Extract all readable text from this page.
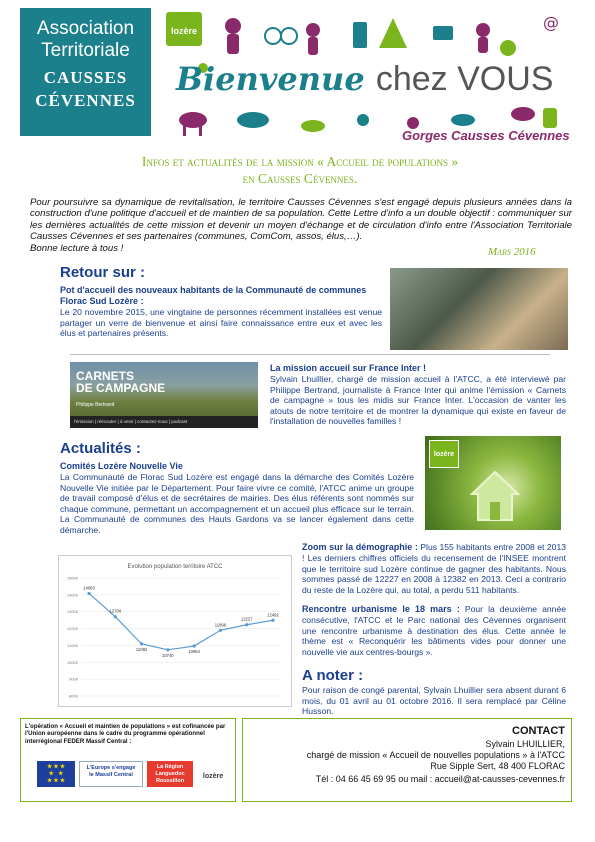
Association
Territoriale
CAUSSES
CÉVENNES
@
lozère
Bienvenue chez VOUS
Gorges Causses Cévennes
Infos et actualités de la mission « Accueil de populations »
en Causses Cévennes.
Pour poursuivre sa dynamique de revitalisation, le territoire Causses Cévennes s'est engagé depuis plusieurs années dans la construction d'une politique d'accueil et de maintien de sa population. Cette Lettre d'info a un double objectif : communiquer sur les dernières actualités de cette mission et devenir un moyen d'échange et de circulation d'info entre l'Association Territoriale Causses Cévennes et ses partenaires (communes, ComCom, assos, élus,…).
Bonne lecture à tous !	Mars 2016
Retour sur :
Pot d'accueil des nouveaux habitants de la Communauté de communes Florac Sud Lozère :
Le 20 novembre 2015, une vingtaine de personnes récemment installées est venue partager un verre de bienvenue et ainsi faire connaissance entre eux et avec les élus et partenaires présents.
CARNETS
DE CAMPAGNE
Philippe Bertrand
l'émission | réécouter | à venir | contactez-nous | podcast
La mission accueil sur France Inter !
Sylvain Lhuillier, chargé de mission accueil à l'ATCC, a été interviewé par Philippe Bertrand, journaliste à France Inter qui anime l'émission « Carnets de campagne » tous les midis sur France Inter. L'occasion de vanter les atouts de notre territoire et de montrer la dynamique qui existe en faveur de l'installation de nouvelles familles !
Actualités :
Comités Lozère Nouvelle Vie
La Communauté de Florac Sud Lozère est engagé dans la démarche des Comités Lozère Nouvelle Vie initiée par le Département. Pour faire vivre ce comité, l'ATCC anime un groupe de travail composé d'élus et de secrétaires de mairies. Des élus référents sont nommés sur chaque commune, permettant un accompagnement et un accueil plus efficace sur le terrain. La Communauté de communes des Hauts Gardons va se lancer également dans cette démarche.
lozère
Evolution population territoire ATCC
15000
14000
13000
12000
11000
10000
9000
8000
14083
12704
11092
10740
10964
11898
12227
12492
Zoom sur la démographie : Plus 155 habitants entre 2008 et 2013 ! Les derniers chiffres officiels du recensement de l'INSEE montrent que le territoire sud Lozère continue de gagner des habitants. Nous sommes passé de 12227 en 2008 à 12382 en 2013. Ceci a contrario du reste de la Lozère qui, au total, a perdu 511 habitants.
Rencontre urbanisme le 18 mars : Pour la deuxième année consécutive, l'ATCC et le Parc national des Cévennes organisent une rencontre urbanisme à destination des élus. Cette année le thème est « Reconquérir les bâtiments vides pour donner une nouvelle vie aux centres-bourgs ».
A noter :
Pour raison de congé parental, Sylvain Lhuillier sera absent durant 6 mois, du 01 avril au 01 octobre 2016. Il sera remplacé par Céline Husson.
L'opération « Accueil et maintien de populations » est cofinancée par l'Union européenne dans le cadre du programme opérationnel interrégional FEDER Massif Central :
★ ★ ★
★   ★
★ ★ ★
L'Europe s'engage
le Massif Central
La Région Languedoc Roussillon
lozère
CONTACT
Sylvain LHUILLIER,
chargé de mission « Accueil de nouvelles populations » à l'ATCC
Rue Sipple Sert, 48 400 FLORAC
Tél : 04 66 45 69 95 ou mail : accueil@at-causses-cevennes.fr
